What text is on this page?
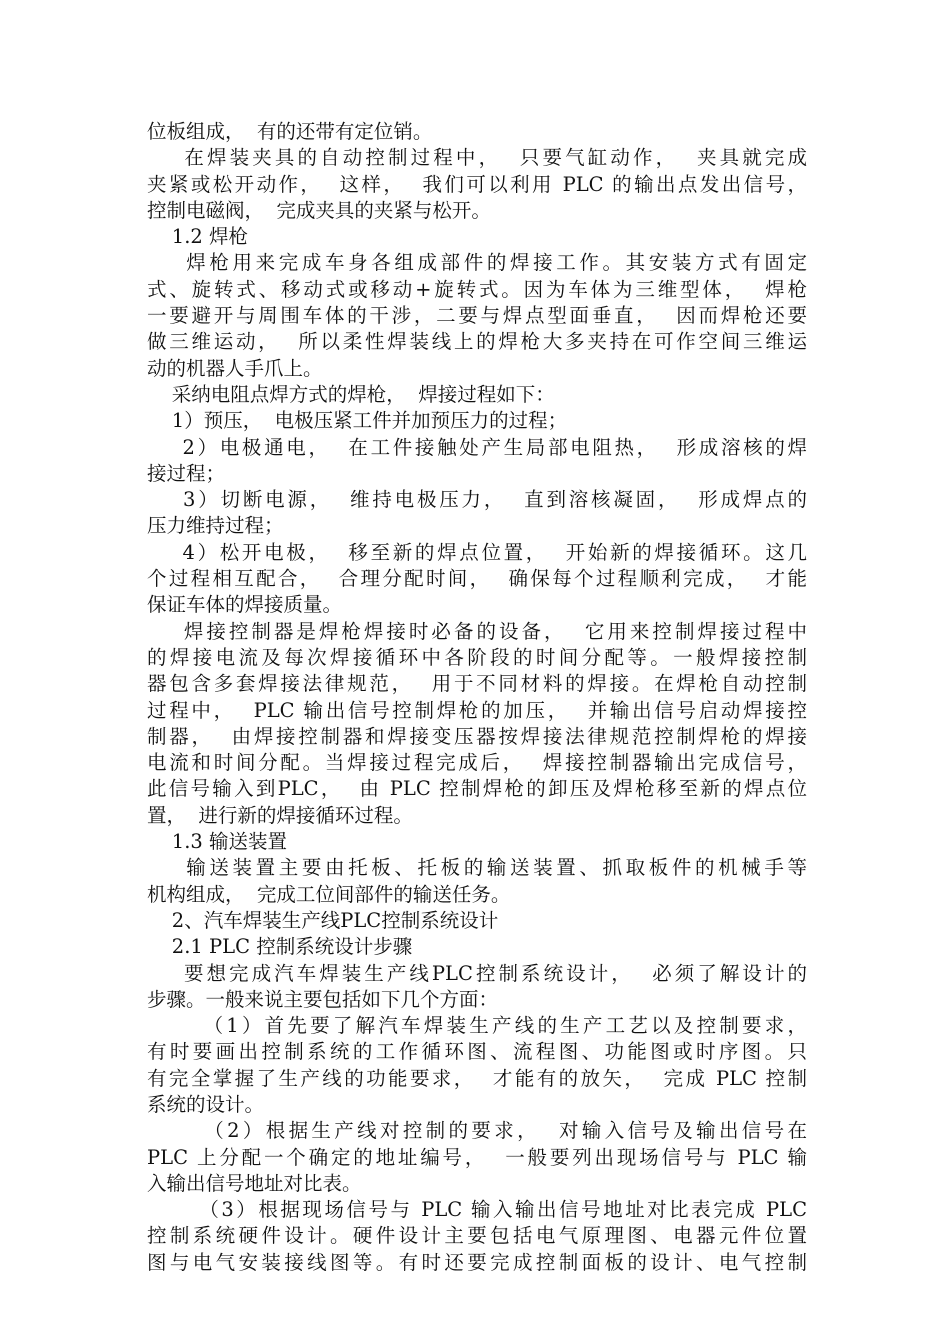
位板组成，  有的还带有定位销。
在焊装夹具的自动控制过程中，  只要气缸动作，  夹具就完成
夹紧或松开动作，  这样，  我们可以利用 PLC 的输出点发出信号，
控制电磁阀，  完成夹具的夹紧与松开。
1.2 焊枪
焊枪用来完成车身各组成部件的焊接工作。其安装方式有固定
式、旋转式、移动式或移动+旋转式。因为车体为三维型体，  焊枪
一要避开与周围车体的干涉，二要与焊点型面垂直，  因而焊枪还要
做三维运动，  所以柔性焊装线上的焊枪大多夹持在可作空间三维运
动的机器人手爪上。
采纳电阻点焊方式的焊枪，  焊接过程如下：
1）预压，  电极压紧工件并加预压力的过程；
2）电极通电，  在工件接触处产生局部电阻热，  形成溶核的焊
接过程；
3）切断电源，  维持电极压力，  直到溶核凝固，  形成焊点的
压力维持过程；
4）松开电极，  移至新的焊点位置，  开始新的焊接循环。这几
个过程相互配合，  合理分配时间，  确保每个过程顺利完成，  才能
保证车体的焊接质量。
焊接控制器是焊枪焊接时必备的设备，  它用来控制焊接过程中
的焊接电流及每次焊接循环中各阶段的时间分配等。一般焊接控制
器包含多套焊接法律规范，  用于不同材料的焊接。在焊枪自动控制
过程中，  PLC 输出信号控制焊枪的加压，  并输出信号启动焊接控
制器，  由焊接控制器和焊接变压器按焊接法律规范控制焊枪的焊接
电流和时间分配。当焊接过程完成后，  焊接控制器输出完成信号，
此信号输入到PLC，  由 PLC 控制焊枪的卸压及焊枪移至新的焊点位
置，  进行新的焊接循环过程。
1.3 输送装置
输送装置主要由托板、托板的输送装置、抓取板件的机械手等
机构组成，  完成工位间部件的输送任务。
2、汽车焊装生产线PLC控制系统设计
2.1 PLC 控制系统设计步骤
要想完成汽车焊装生产线PLC控制系统设计，  必须了解设计的
步骤。一般来说主要包括如下几个方面：
（1）首先要了解汽车焊装生产线的生产工艺以及控制要求，
有时要画出控制系统的工作循环图、流程图、功能图或时序图。只
有完全掌握了生产线的功能要求，  才能有的放矢，  完成 PLC 控制
系统的设计。
（2）根据生产线对控制的要求，  对输入信号及输出信号在
PLC 上分配一个确定的地址编号，  一般要列出现场信号与 PLC 输
入输出信号地址对比表。
（3）根据现场信号与 PLC 输入输出信号地址对比表完成 PLC
控制系统硬件设计。硬件设计主要包括电气原理图、电器元件位置
图与电气安装接线图等。有时还要完成控制面板的设计、电气控制
